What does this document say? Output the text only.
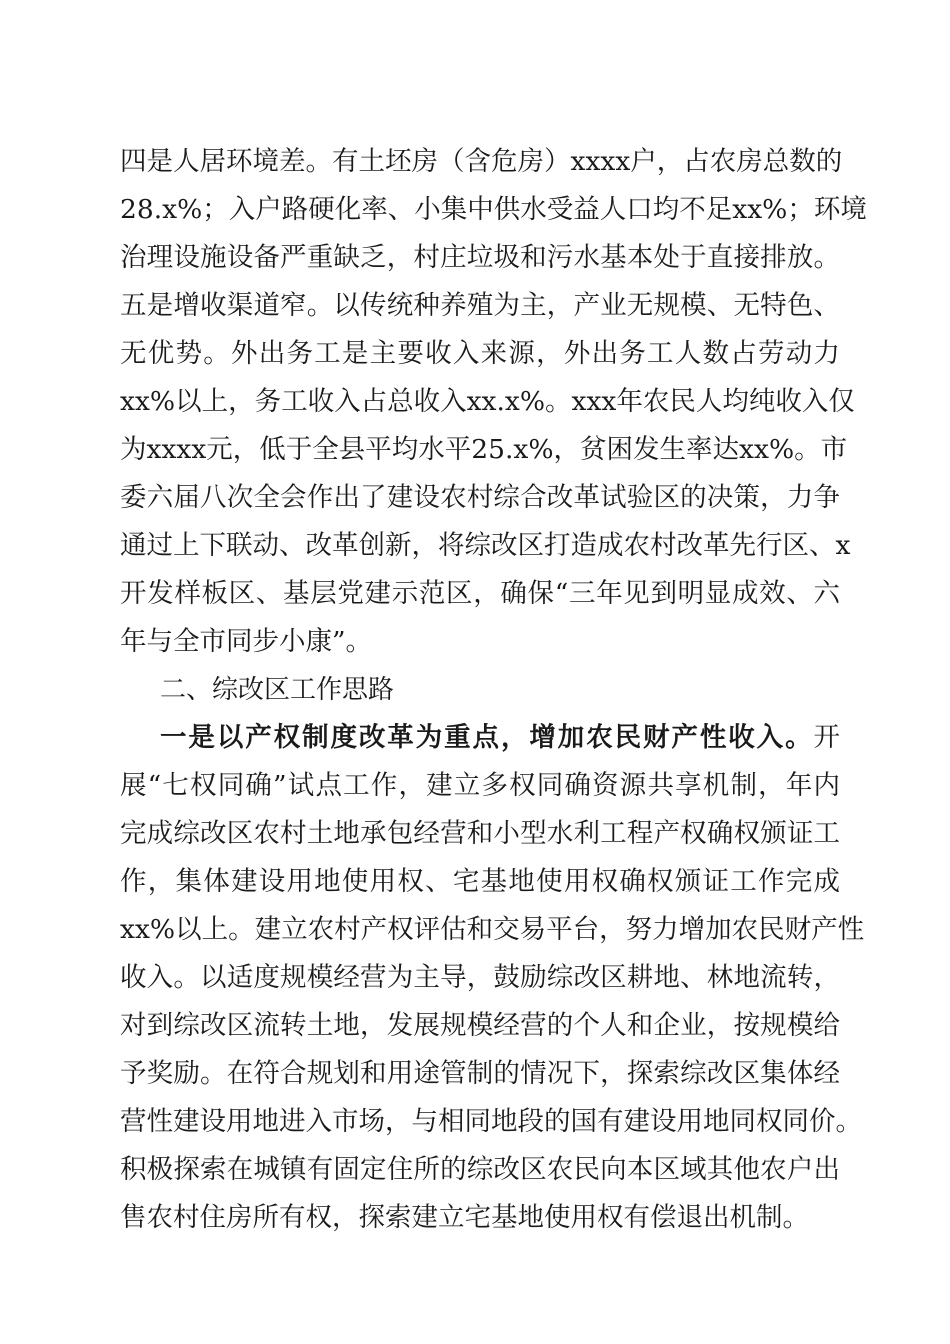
四是人居环境差。有土坯房（含危房）xxxx户，占农房总数的
28.x%；入户路硬化率、小集中供水受益人口均不足xx%；环境
治理设施设备严重缺乏，村庄垃圾和污水基本处于直接排放。
五是增收渠道窄。以传统种养殖为主，产业无规模、无特色、
无优势。外出务工是主要收入来源，外出务工人数占劳动力
xx%以上，务工收入占总收入xx.x%。xxx年农民人均纯收入仅
为xxxx元，低于全县平均水平25.x%，贫困发生率达xx%。市
委六届八次全会作出了建设农村综合改革试验区的决策，力争
通过上下联动、改革创新，将综改区打造成农村改革先行区、x
开发样板区、基层党建示范区，确保“三年见到明显成效、六
年与全市同步小康”。
二、综改区工作思路
一是以产权制度改革为重点，增加农民财产性收入。开
展“七权同确”试点工作，建立多权同确资源共享机制，年内
完成综改区农村土地承包经营和小型水利工程产权确权颁证工
作，集体建设用地使用权、宅基地使用权确权颁证工作完成
xx%以上。建立农村产权评估和交易平台，努力增加农民财产性
收入。以适度规模经营为主导，鼓励综改区耕地、林地流转，
对到综改区流转土地，发展规模经营的个人和企业，按规模给
予奖励。在符合规划和用途管制的情况下，探索综改区集体经
营性建设用地进入市场，与相同地段的国有建设用地同权同价。
积极探索在城镇有固定住所的综改区农民向本区域其他农户出
售农村住房所有权，探索建立宅基地使用权有偿退出机制。
